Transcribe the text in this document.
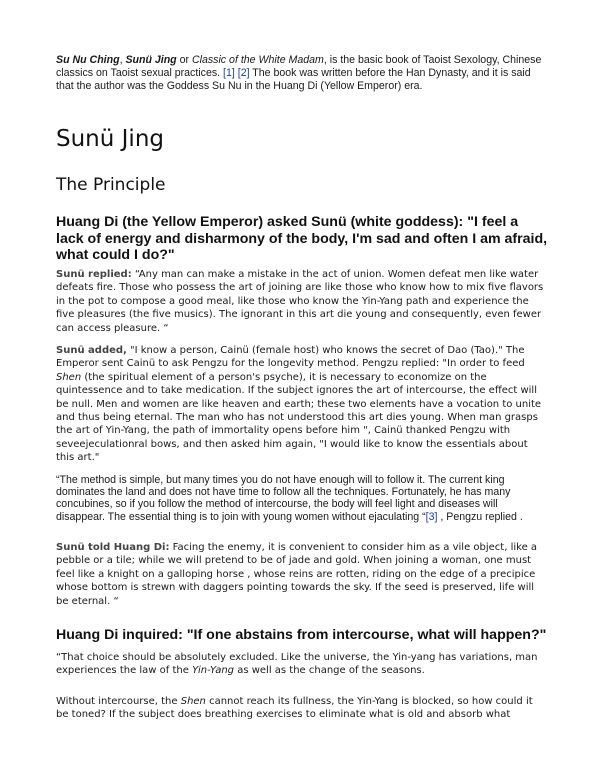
Su Nu Ching, Sunü Jing or Classic of the White Madam, is the basic book of Taoist Sexology, Chinese classics on Taoist sexual practices. [1] [2] The book was written before the Han Dynasty, and it is said that the author was the Goddess Su Nu in the Huang Di (Yellow Emperor) era.

Sunü Jing
The Principle
Huang Di (the Yellow Emperor) asked Sunü (white goddess): "I feel a lack of energy and disharmony of the body, I'm sad and often I am afraid, what could I do?"

Sunü replied: “Any man can make a mistake in the act of union. Women defeat men like water defeats fire. Those who possess the art of joining are like those who know how to mix five flavors in the pot to compose a good meal, like those who know the Yin-Yang path and experience the five pleasures (the five musics). The ignorant in this art die young and consequently, even fewer can access pleasure. “

Sunü added, "I know a person, Cainü (female host) who knows the secret of Dao (Tao)." The Emperor sent Cainü to ask Pengzu for the longevity method. Pengzu replied: "In order to feed Shen (the spiritual element of a person's psyche), it is necessary to economize on the quintessence and to take medication. If the subject ignores the art of intercourse, the effect will be null. Men and women are like heaven and earth; these two elements have a vocation to unite and thus being eternal. The man who has not understood this art dies young. When man grasps the art of Yin-Yang, the path of immortality opens before him ", Cainü thanked Pengzu with seveejeculationral bows, and then asked him again, "I would like to know the essentials about this art."

“The method is simple, but many times you do not have enough will to follow it. The current king dominates the land and does not have time to follow all the techniques. Fortunately, he has many concubines, so if you follow the method of intercourse, the body will feel light and diseases will disappear. The essential thing is to join with young women without ejaculating “[3] , Pengzu replied .

Sunü told Huang Di: Facing the enemy, it is convenient to consider him as a vile object, like a pebble or a tile; while we will pretend to be of jade and gold. When joining a woman, one must feel like a knight on a galloping horse , whose reins are rotten, riding on the edge of a precipice whose bottom is strewn with daggers pointing towards the sky. If the seed is preserved, life will be eternal. “

Huang Di inquired: "If one abstains from intercourse, what will happen?"

“That choice should be absolutely excluded. Like the universe, the Yin-yang has variations, man experiences the law of the Yin-Yang as well as the change of the seasons.

Without intercourse, the Shen cannot reach its fullness, the Yin-Yang is blocked, so how could it be toned? If the subject does breathing exercises to eliminate what is old and absorb what
